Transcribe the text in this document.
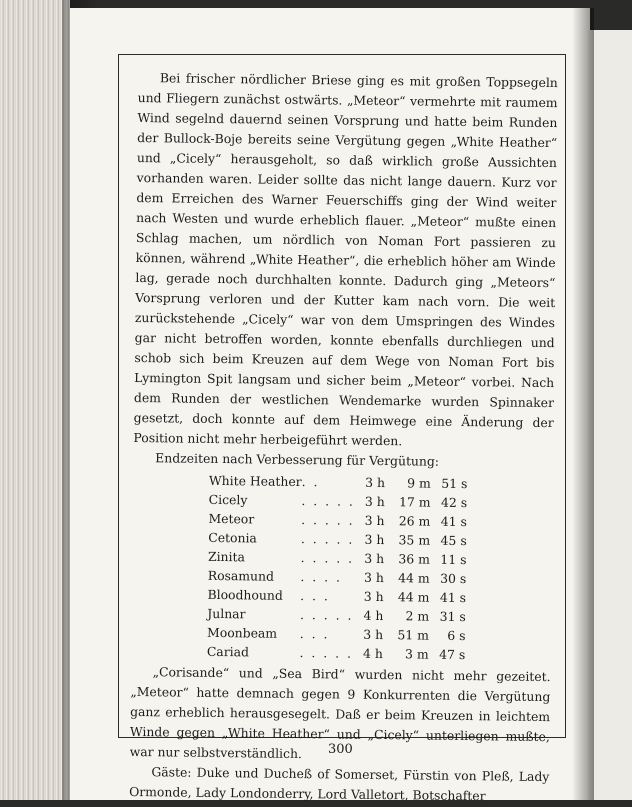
Bei frischer nördlicher Briese ging es mit großen Toppsegeln und Fliegern zunächst ostwärts. „Meteor“ vermehrte mit raumem Wind segelnd dauernd seinen Vorsprung und hatte beim Runden der Bullock-Boje bereits seine Vergütung gegen „White Heather“ und „Cicely“ herausgeholt, so daß wirklich große Aussichten vorhanden waren. Leider sollte das nicht lange dauern. Kurz vor dem Erreichen des Warner Feuerschiffs ging der Wind weiter nach Westen und wurde erheblich flauer. „Meteor“ mußte einen Schlag machen, um nördlich von Noman Fort passieren zu können, während „White Heather“, die erheblich höher am Winde lag, gerade noch durchhalten konnte. Dadurch ging „Meteors“ Vorsprung verloren und der Kutter kam nach vorn. Die weit zurückstehende „Cicely“ war von dem Umspringen des Windes gar nicht betroffen worden, konnte ebenfalls durchliegen und schob sich beim Kreuzen auf dem Wege von Noman Fort bis Lymington Spit langsam und sicher beim „Meteor“ vorbei. Nach dem Runden der westlichen Wendemarke wurden Spinnaker gesetzt, doch konnte auf dem Heimwege eine Änderung der Position nicht mehr herbeigeführt werden.

Endzeiten nach Verbesserung für Vergütung:

White Heather	. .	3	h	9	m	51	s
Cicely	. . . . .	3	h	17	m	42	s
Meteor	. . . . .	3	h	26	m	41	s
Cetonia	. . . . .	3	h	35	m	45	s
Zinita	. . . . .	3	h	36	m	11	s
Rosamund	. . . .	3	h	44	m	30	s
Bloodhound	. . .	3	h	44	m	41	s
Julnar	. . . . .	4	h	2	m	31	s
Moonbeam	. . .	3	h	51	m	6	s
Cariad	. . . . .	4	h	3	m	47	s

„Corisande“ und „Sea Bird“ wurden nicht mehr gezeitet. „Meteor“ hatte demnach gegen 9 Konkurrenten die Vergütung ganz erheblich herausgesegelt. Daß er beim Kreuzen in leichtem Winde gegen „White Heather“ und „Cicely“ unterliegen mußte, war nur selbstverständlich.

Gäste: Duke und Duchеß of Somerset, Fürstin von Pleß, Lady Ormonde, Lady Londonderry, Lord Valletort, Botschafter

300
